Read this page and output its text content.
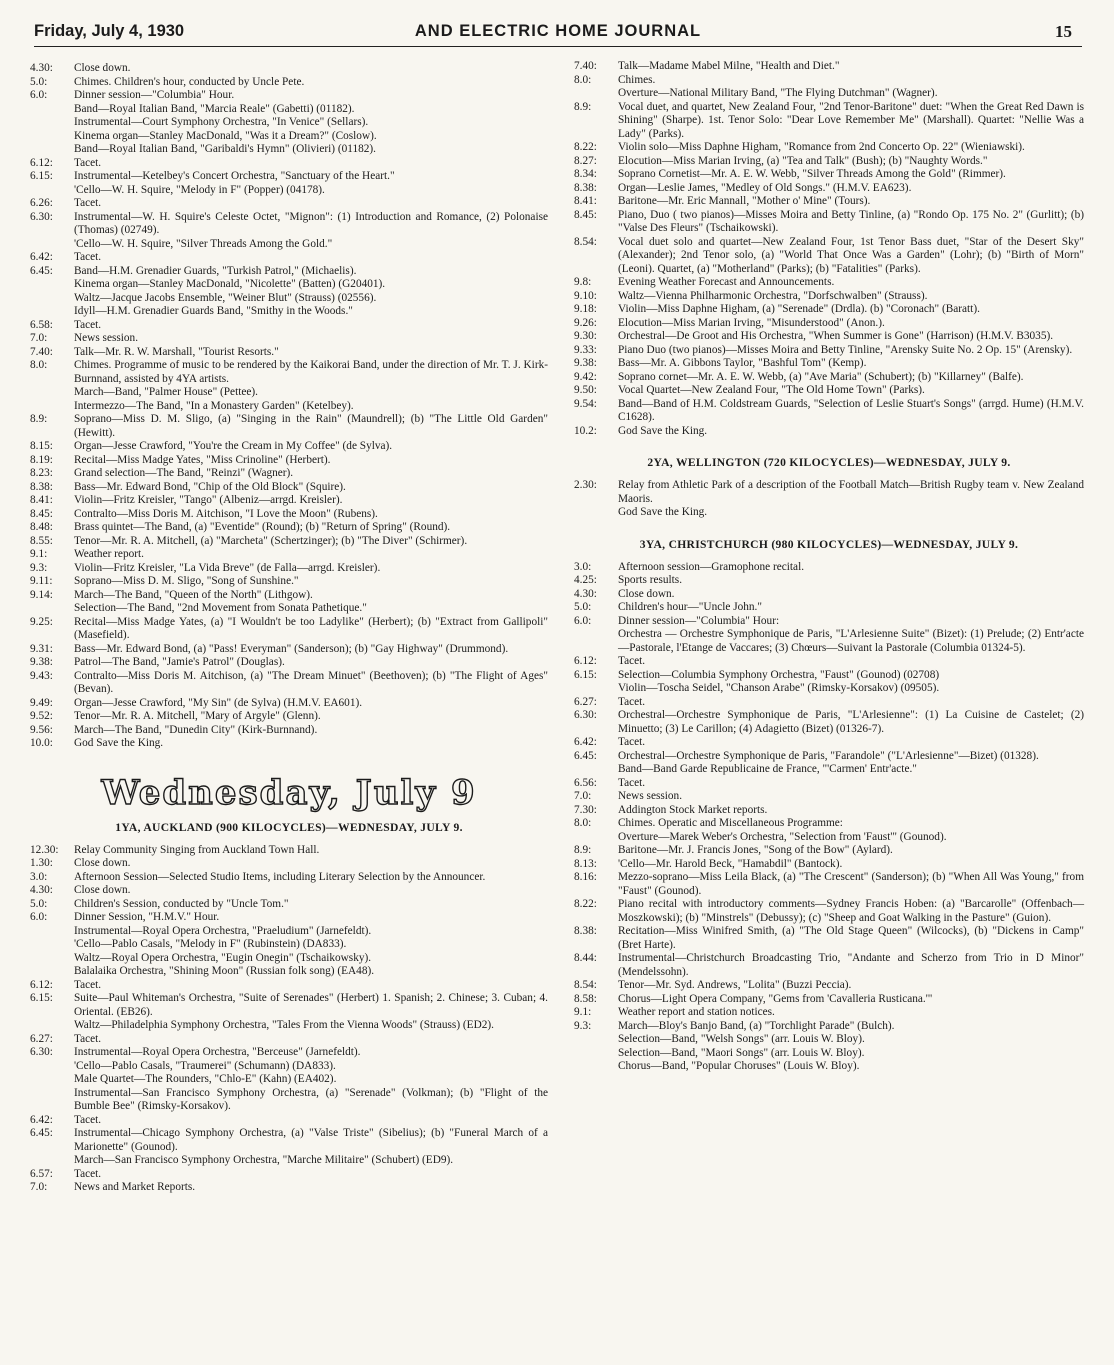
Friday, July 4, 1930	AND ELECTRIC HOME JOURNAL	15
4.30:	Close down.
5.0:	Chimes. Children's hour, conducted by Uncle Pete.
6.0:	Dinner session—"Columbia" Hour.
Band—Royal Italian Band, "Marcia Reale" (Gabetti) (01182).
Instrumental—Court Symphony Orchestra, "In Venice" (Sellars).
Kinema organ—Stanley MacDonald, "Was it a Dream?" (Coslow).
Band—Royal Italian Band, "Garibaldi's Hymn" (Olivieri) (01182).
6.12:	Tacet.
6.15:	Instrumental—Ketelbey's Concert Orchestra, "Sanctuary of the Heart."
'Cello—W. H. Squire, "Melody in F" (Popper) (04178).
6.26:	Tacet.
6.30:	Instrumental—W. H. Squire's Celeste Octet, "Mignon": (1) Introduction and Romance, (2) Polonaise (Thomas) (02749).
'Cello—W. H. Squire, "Silver Threads Among the Gold."
6.42:	Tacet.
6.45:	Band—H.M. Grenadier Guards, "Turkish Patrol," (Michaelis).
Kinema organ—Stanley MacDonald, "Nicolette" (Batten) (G20401).
Waltz—Jacque Jacobs Ensemble, "Weiner Blut" (Strauss) (02556).
Idyll—H.M. Grenadier Guards Band, "Smithy in the Woods."
6.58:	Tacet.
7.0:	News session.
7.40:	Talk—Mr. R. W. Marshall, "Tourist Resorts."
8.0:	Chimes. Programme of music to be rendered by the Kaikorai Band, under the direction of Mr. T. J. Kirk-Burnnand, assisted by 4YA artists.
March—Band, "Palmer House" (Pettee).
Intermezzo—The Band, "In a Monastery Garden" (Ketelbey).
8.9:	Soprano—Miss D. M. Sligo, (a) "Singing in the Rain" (Maundrell); (b) "The Little Old Garden" (Hewitt).
8.15:	Organ—Jesse Crawford, "You're the Cream in My Coffee" (de Sylva).
8.19:	Recital—Miss Madge Yates, "Miss Crinoline" (Herbert).
8.23:	Grand selection—The Band, "Reinzi" (Wagner).
8.38:	Bass—Mr. Edward Bond, "Chip of the Old Block" (Squire).
8.41:	Violin—Fritz Kreisler, "Tango" (Albeniz—arrgd. Kreisler).
8.45:	Contralto—Miss Doris M. Aitchison, "I Love the Moon" (Rubens).
8.48:	Brass quintet—The Band, (a) "Eventide" (Round); (b) "Return of Spring" (Round).
8.55:	Tenor—Mr. R. A. Mitchell, (a) "Marcheta" (Schertzinger); (b) "The Diver" (Schirmer).
9.1:	Weather report.
9.3:	Violin—Fritz Kreisler, "La Vida Breve" (de Falla—arrgd. Kreisler).
9.11:	Soprano—Miss D. M. Sligo, "Song of Sunshine."
9.14:	March—The Band, "Queen of the North" (Lithgow).
Selection—The Band, "2nd Movement from Sonata Pathetique."
9.25:	Recital—Miss Madge Yates, (a) "I Wouldn't be too Ladylike" (Herbert); (b) "Extract from Gallipoli" (Masefield).
9.31:	Bass—Mr. Edward Bond, (a) "Pass! Everyman" (Sanderson); (b) "Gay Highway" (Drummond).
9.38:	Patrol—The Band, "Jamie's Patrol" (Douglas).
9.43:	Contralto—Miss Doris M. Aitchison, (a) "The Dream Minuet" (Beethoven); (b) "The Flight of Ages" (Bevan).
9.49:	Organ—Jesse Crawford, "My Sin" (de Sylva) (H.M.V. EA601).
9.52:	Tenor—Mr. R. A. Mitchell, "Mary of Argyle" (Glenn).
9.56:	March—The Band, "Dunedin City" (Kirk-Burnnand).
10.0:	God Save the King.
Wednesday, July 9
1YA, AUCKLAND (900 KILOCYCLES)—WEDNESDAY, JULY 9.
12.30:	Relay Community Singing from Auckland Town Hall.
1.30:	Close down.
3.0:	Afternoon Session—Selected Studio Items, including Literary Selection by the Announcer.
4.30:	Close down.
5.0:	Children's Session, conducted by "Uncle Tom."
6.0:	Dinner Session, "H.M.V." Hour.
Instrumental—Royal Opera Orchestra, "Praeludium" (Jarnefeldt).
'Cello—Pablo Casals, "Melody in F" (Rubinstein) (DA833).
Waltz—Royal Opera Orchestra, "Eugin Onegin" (Tschaikowsky).
Balalaika Orchestra, "Shining Moon" (Russian folk song) (EA48).
6.12:	Tacet.
6.15:	Suite—Paul Whiteman's Orchestra, "Suite of Serenades" (Herbert) 1. Spanish; 2. Chinese; 3. Cuban; 4. Oriental. (EB26).
Waltz—Philadelphia Symphony Orchestra, "Tales From the Vienna Woods" (Strauss) (ED2).
6.27:	Tacet.
6.30:	Instrumental—Royal Opera Orchestra, "Berceuse" (Jarnefeldt).
'Cello—Pablo Casals, "Traumerei" (Schumann) (DA833).
Male Quartet—The Rounders, "Chlo-E" (Kahn) (EA402).
Instrumental—San Francisco Symphony Orchestra, (a) "Serenade" (Volkman); (b) "Flight of the Bumble Bee" (Rimsky-Korsakov).
6.42:	Tacet.
6.45:	Instrumental—Chicago Symphony Orchestra, (a) "Valse Triste" (Sibelius); (b) "Funeral March of a Marionette" (Gounod).
March—San Francisco Symphony Orchestra, "Marche Militaire" (Schubert) (ED9).
6.57:	Tacet.
7.0:	News and Market Reports.
7.40:	Talk—Madame Mabel Milne, "Health and Diet."
8.0:	Chimes.
Overture—National Military Band, "The Flying Dutchman" (Wagner).
8.9:	Vocal duet, and quartet, New Zealand Four, "2nd Tenor-Baritone" duet: "When the Great Red Dawn is Shining" (Sharpe). 1st. Tenor Solo: "Dear Love Remember Me" (Marshall). Quartet: "Nellie Was a Lady" (Parks).
8.22:	Violin solo—Miss Daphne Higham, "Romance from 2nd Concerto Op. 22" (Wieniawski).
8.27:	Elocution—Miss Marian Irving, (a) "Tea and Talk" (Bush); (b) "Naughty Words."
8.34:	Soprano Cornetist—Mr. A. E. W. Webb, "Silver Threads Among the Gold" (Rimmer).
8.38:	Organ—Leslie James, "Medley of Old Songs." (H.M.V. EA623).
8.41:	Baritone—Mr. Eric Mannall, "Mother o' Mine" (Tours).
8.45:	Piano, Duo ( two pianos)—Misses Moira and Betty Tinline, (a) "Rondo Op. 175 No. 2" (Gurlitt); (b) "Valse Des Fleurs" (Tschaikowski).
8.54:	Vocal duet solo and quartet—New Zealand Four, 1st Tenor Bass duet, "Star of the Desert Sky" (Alexander); 2nd Tenor solo, (a) "World That Once Was a Garden" (Lohr); (b) "Birth of Morn" (Leoni). Quartet, (a) "Motherland" (Parks); (b) "Fatalities" (Parks).
9.8:	Evening Weather Forecast and Announcements.
9.10:	Waltz—Vienna Philharmonic Orchestra, "Dorfschwalben" (Strauss).
9.18:	Violin—Miss Daphne Higham, (a) "Serenade" (Drdla). (b) "Coronach" (Baratt).
9.26:	Elocution—Miss Marian Irving, "Misunderstood" (Anon.).
9.30:	Orchestral—De Groot and His Orchestra, "When Summer is Gone" (Harrison) (H.M.V. B3035).
9.33:	Piano Duo (two pianos)—Misses Moira and Betty Tinline, "Arensky Suite No. 2 Op. 15" (Arensky).
9.38:	Bass—Mr. A. Gibbons Taylor, "Bashful Tom" (Kemp).
9.42:	Soprano cornet—Mr. A. E. W. Webb, (a) "Ave Maria" (Schubert); (b) "Killarney" (Balfe).
9.50:	Vocal Quartet—New Zealand Four, "The Old Home Town" (Parks).
9.54:	Band—Band of H.M. Coldstream Guards, "Selection of Leslie Stuart's Songs" (arrgd. Hume) (H.M.V. C1628).
10.2:	God Save the King.
2YA, WELLINGTON (720 KILOCYCLES)—WEDNESDAY, JULY 9.
2.30:	Relay from Athletic Park of a description of the Football Match—British Rugby team v. New Zealand Maoris.
God Save the King.
3YA, CHRISTCHURCH (980 KILOCYCLES)—WEDNESDAY, JULY 9.
3.0:	Afternoon session—Gramophone recital.
4.25:	Sports results.
4.30:	Close down.
5.0:	Children's hour—"Uncle John."
6.0:	Dinner session—"Columbia" Hour:
Orchestra — Orchestre Symphonique de Paris, "L'Arlesienne Suite" (Bizet): (1) Prelude; (2) Entr'acte—Pastorale, l'Etange de Vaccares; (3) Chœurs—Suivant la Pastorale (Columbia 01324-5).
6.12:	Tacet.
6.15:	Selection—Columbia Symphony Orchestra, "Faust" (Gounod) (02708)
Violin—Toscha Seidel, "Chanson Arabe" (Rimsky-Korsakov) (09505).
6.27:	Tacet.
6.30:	Orchestral—Orchestre Symphonique de Paris, "L'Arlesienne": (1) La Cuisine de Castelet; (2) Minuetto; (3) Le Carillon; (4) Adagietto (Bizet) (01326-7).
6.42:	Tacet.
6.45:	Orchestral—Orchestre Symphonique de Paris, "Farandole" ("L'Arlesienne"—Bizet) (01328).
Band—Band Garde Republicaine de France, "'Carmen' Entr'acte."
6.56:	Tacet.
7.0:	News session.
7.30:	Addington Stock Market reports.
8.0:	Chimes. Operatic and Miscellaneous Programme:
Overture—Marek Weber's Orchestra, "Selection from 'Faust'" (Gounod).
8.9:	Baritone—Mr. J. Francis Jones, "Song of the Bow" (Aylard).
8.13:	'Cello—Mr. Harold Beck, "Hamabdil" (Bantock).
8.16:	Mezzo-soprano—Miss Leila Black, (a) "The Crescent" (Sanderson); (b) "When All Was Young," from "Faust" (Gounod).
8.22:	Piano recital with introductory comments—Sydney Francis Hoben: (a) "Barcarolle" (Offenbach—Moszkowski); (b) "Minstrels" (Debussy); (c) "Sheep and Goat Walking in the Pasture" (Guion).
8.38:	Recitation—Miss Winifred Smith, (a) "The Old Stage Queen" (Wilcocks), (b) "Dickens in Camp" (Bret Harte).
8.44:	Instrumental—Christchurch Broadcasting Trio, "Andante and Scherzo from Trio in D Minor" (Mendelssohn).
8.54:	Tenor—Mr. Syd. Andrews, "Lolita" (Buzzi Peccia).
8.58:	Chorus—Light Opera Company, "Gems from 'Cavalleria Rusticana.'"
9.1:	Weather report and station notices.
9.3:	March—Bloy's Banjo Band, (a) "Torchlight Parade" (Bulch).
Selection—Band, "Welsh Songs" (arr. Louis W. Bloy).
Selection—Band, "Maori Songs" (arr. Louis W. Bloy).
Chorus—Band, "Popular Choruses" (Louis W. Bloy).
